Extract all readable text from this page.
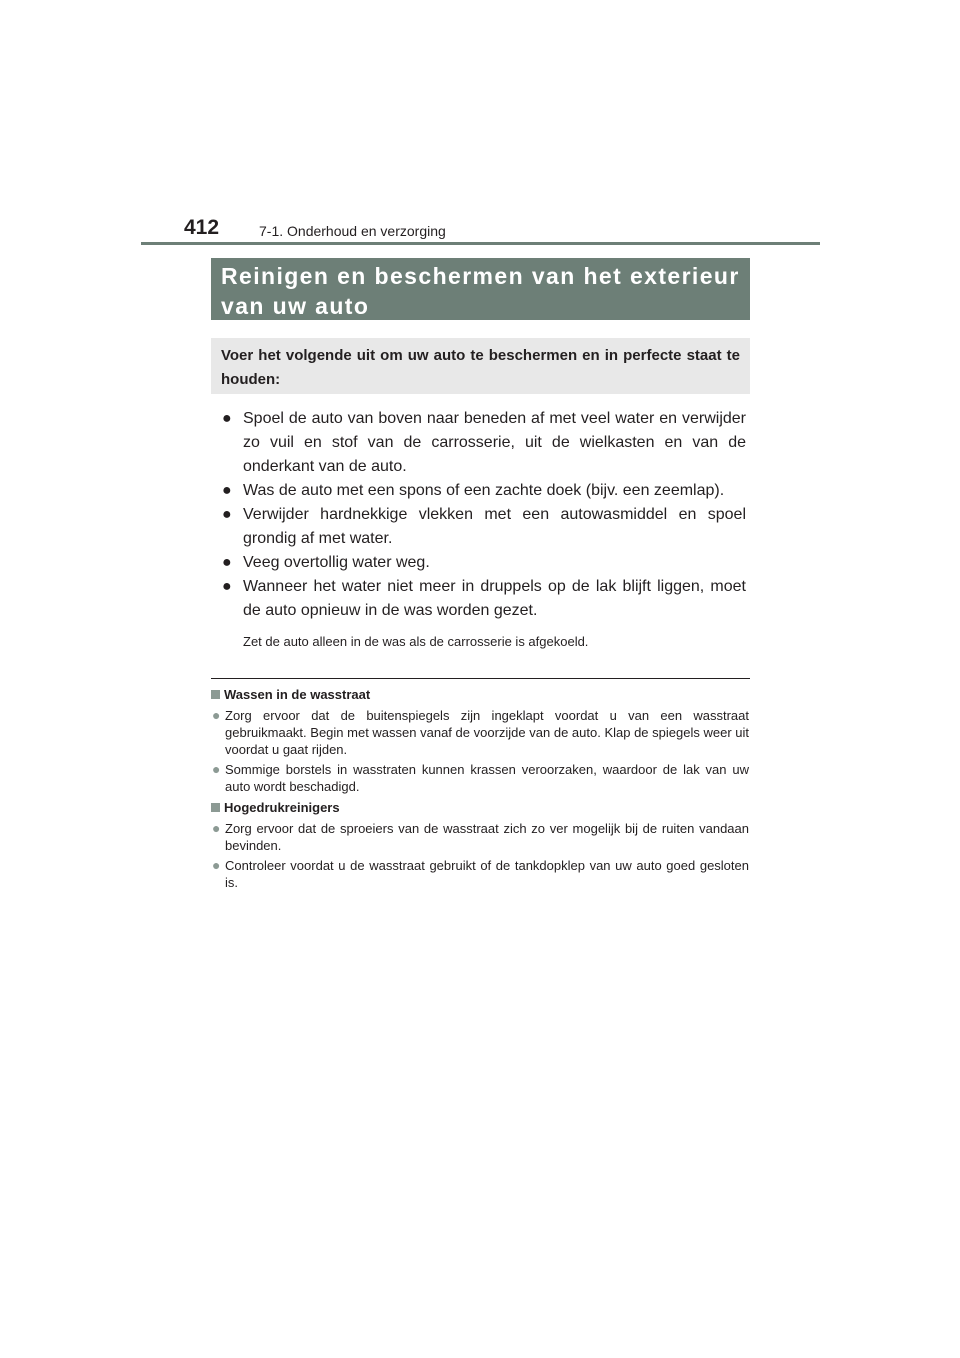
412	7-1. Onderhoud en verzorging
Reinigen en beschermen van het exterieur
van uw auto
Voer het volgende uit om uw auto te beschermen en in perfecte staat te houden:
● Spoel de auto van boven naar beneden af met veel water en verwijder zo vuil en stof van de carrosserie, uit de wielkasten en van de onderkant van de auto.
● Was de auto met een spons of een zachte doek (bijv. een zeemlap).
● Verwijder hardnekkige vlekken met een autowasmiddel en spoel grondig af met water.
● Veeg overtollig water weg.
● Wanneer het water niet meer in druppels op de lak blijft liggen, moet de auto opnieuw in de was worden gezet.
Zet de auto alleen in de was als de carrosserie is afgekoeld.
Wassen in de wasstraat
● Zorg ervoor dat de buitenspiegels zijn ingeklapt voordat u van een wasstraat gebruikmaakt. Begin met wassen vanaf de voorzijde van de auto. Klap de spiegels weer uit voordat u gaat rijden.
● Sommige borstels in wasstraten kunnen krassen veroorzaken, waardoor de lak van uw auto wordt beschadigd.
Hogedrukreinigers
● Zorg ervoor dat de sproeiers van de wasstraat zich zo ver mogelijk bij de ruiten vandaan bevinden.
● Controleer voordat u de wasstraat gebruikt of de tankdopklep van uw auto goed gesloten is.
